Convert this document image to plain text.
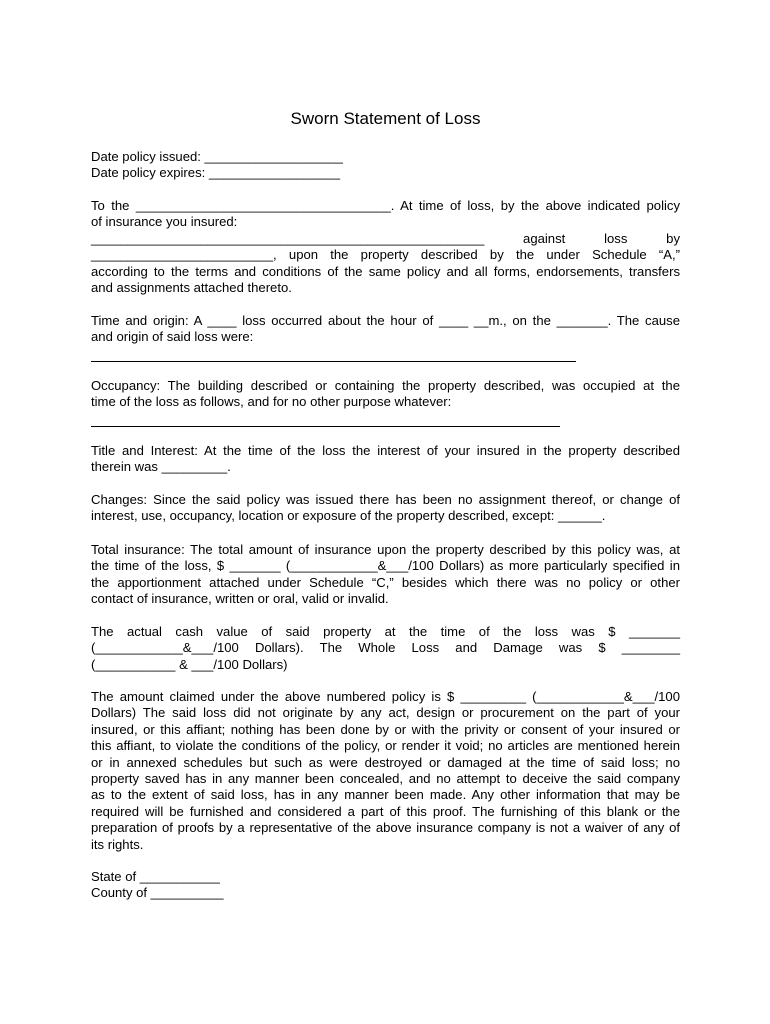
Sworn Statement of Loss
Date policy issued: ___________________
Date policy expires: __________________
To the ___________________________________. At time of loss, by the above indicated policy
of insurance you insured:
______________________________________________________ against loss by
_________________________, upon the property described by the under Schedule “A,”
according to the terms and conditions of the same policy and all forms, endorsements, transfers
and assignments attached thereto.
Time and origin: A ____ loss occurred about the hour of ____ __m., on the _______. The cause
and origin of said loss were:
Occupancy: The building described or containing the property described, was occupied at the
time of the loss as follows, and for no other purpose whatever:
Title and Interest: At the time of the loss the interest of your insured in the property described
therein was _________.
Changes: Since the said policy was issued there has been no assignment thereof, or change of
interest, use, occupancy, location or exposure of the property described, except: ______.
Total insurance: The total amount of insurance upon the property described by this policy was, at
the time of the loss, $ _______ (____________&___/100 Dollars) as more particularly specified in
the apportionment attached under Schedule “C,” besides which there was no policy or other
contact of insurance, written or oral, valid or invalid.
The actual cash value of said property at the time of the loss was $ _______
(____________&___/100 Dollars). The Whole Loss and Damage was $ ________
(___________ & ___/100 Dollars)
The amount claimed under the above numbered policy is $ _________ (____________&___/100
Dollars) The said loss did not originate by any act, design or procurement on the part of your
insured, or this affiant; nothing has been done by or with the privity or consent of your insured or
this affiant, to violate the conditions of the policy, or render it void; no articles are mentioned herein
or in annexed schedules but such as were destroyed or damaged at the time of said loss; no
property saved has in any manner been concealed, and no attempt to deceive the said company
as to the extent of said loss, has in any manner been made. Any other information that may be
required will be furnished and considered a part of this proof. The furnishing of this blank or the
preparation of proofs by a representative of the above insurance company is not a waiver of any of
its rights.
State of ___________
County of __________
